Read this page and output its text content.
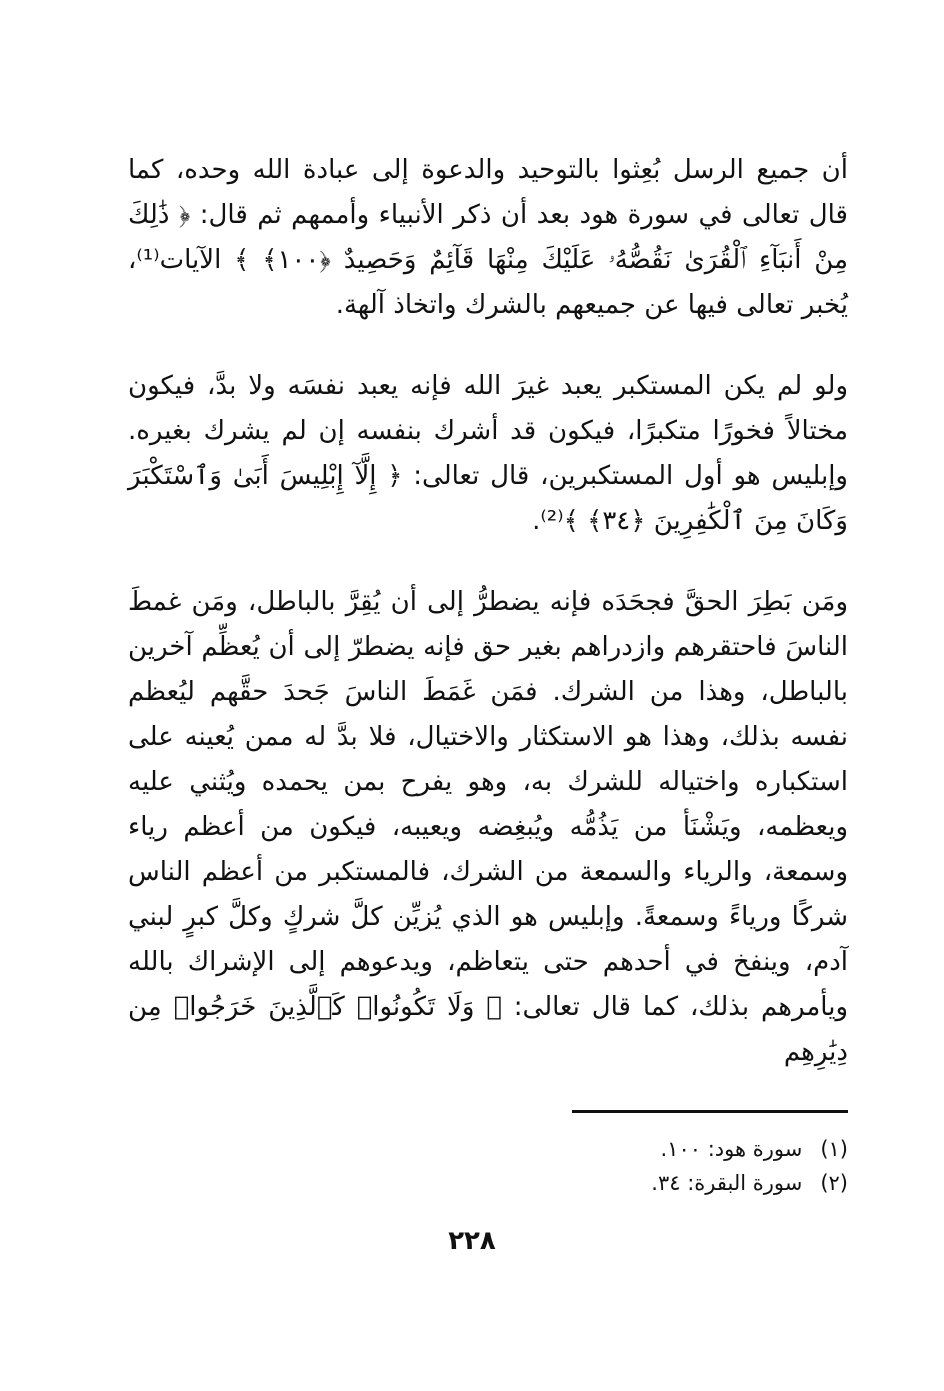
أن جميع الرسل بُعِثوا بالتوحيد والدعوة إلى عبادة الله وحده، كما قال تعالى في سورة هود بعد أن ذكر الأنبياء وأممهم ثم قال: ﴿ ذَٰلِكَ مِنْ أَنبَآءِ ٱلْقُرَىٰ نَقُصُّهُۥ عَلَيْكَ مِنْهَا قَآئِمٌ وَحَصِيدٌ ﴿١٠٠﴾ ﴾ الآيات⁽¹⁾، يُخبر تعالى فيها عن جميعهم بالشرك واتخاذ آلهة.

ولو لم يكن المستكبر يعبد غيرَ الله فإنه يعبد نفسَه ولا بدَّ، فيكون مختالاً فخورًا متكبرًا، فيكون قد أشرك بنفسه إن لم يشرك بغيره. وإبليس هو أول المستكبرين، قال تعالى: ﴿ إِلَّآ إِبْلِيسَ أَبَىٰ وَٱسْتَكْبَرَ وَكَانَ مِنَ ٱلْكَٰفِرِينَ ﴿٣٤﴾ ﴾⁽²⁾.

ومَن بَطِرَ الحقَّ فجحَدَه فإنه يضطرُّ إلى أن يُقِرَّ بالباطل، ومَن غمطَ الناسَ فاحتقرهم وازدراهم بغير حق فإنه يضطرّ إلى أن يُعظِّم آخرين بالباطل، وهذا من الشرك. فمَن غَمَطَ الناسَ جَحدَ حقَّهم ليُعظم نفسه بذلك، وهذا هو الاستكثار والاختيال، فلا بدَّ له ممن يُعينه على استكباره واختياله للشرك به، وهو يفرح بمن يحمده ويُثني عليه ويعظمه، ويَشْنَأ من يَذُمُّه ويُبغِضه ويعيبه، فيكون من أعظم رياء وسمعة، والرياء والسمعة من الشرك، فالمستكبر من أعظم الناس شركًا ورياءً وسمعةً. وإبليس هو الذي يُزيِّن كلَّ شركٍ وكلَّ كبرٍ لبني آدم، وينفخ في أحدهم حتى يتعاظم، ويدعوهم إلى الإشراك بالله ويأمرهم بذلك، كما قال تعالى: ﴿ وَلَا تَكُونُوا۟ كَٱلَّذِينَ خَرَجُوا۟ مِن دِيَٰرِهِم

(١)
سورة هود: ١٠٠.
(٢)
سورة البقرة: ٣٤.
٢٢٨
